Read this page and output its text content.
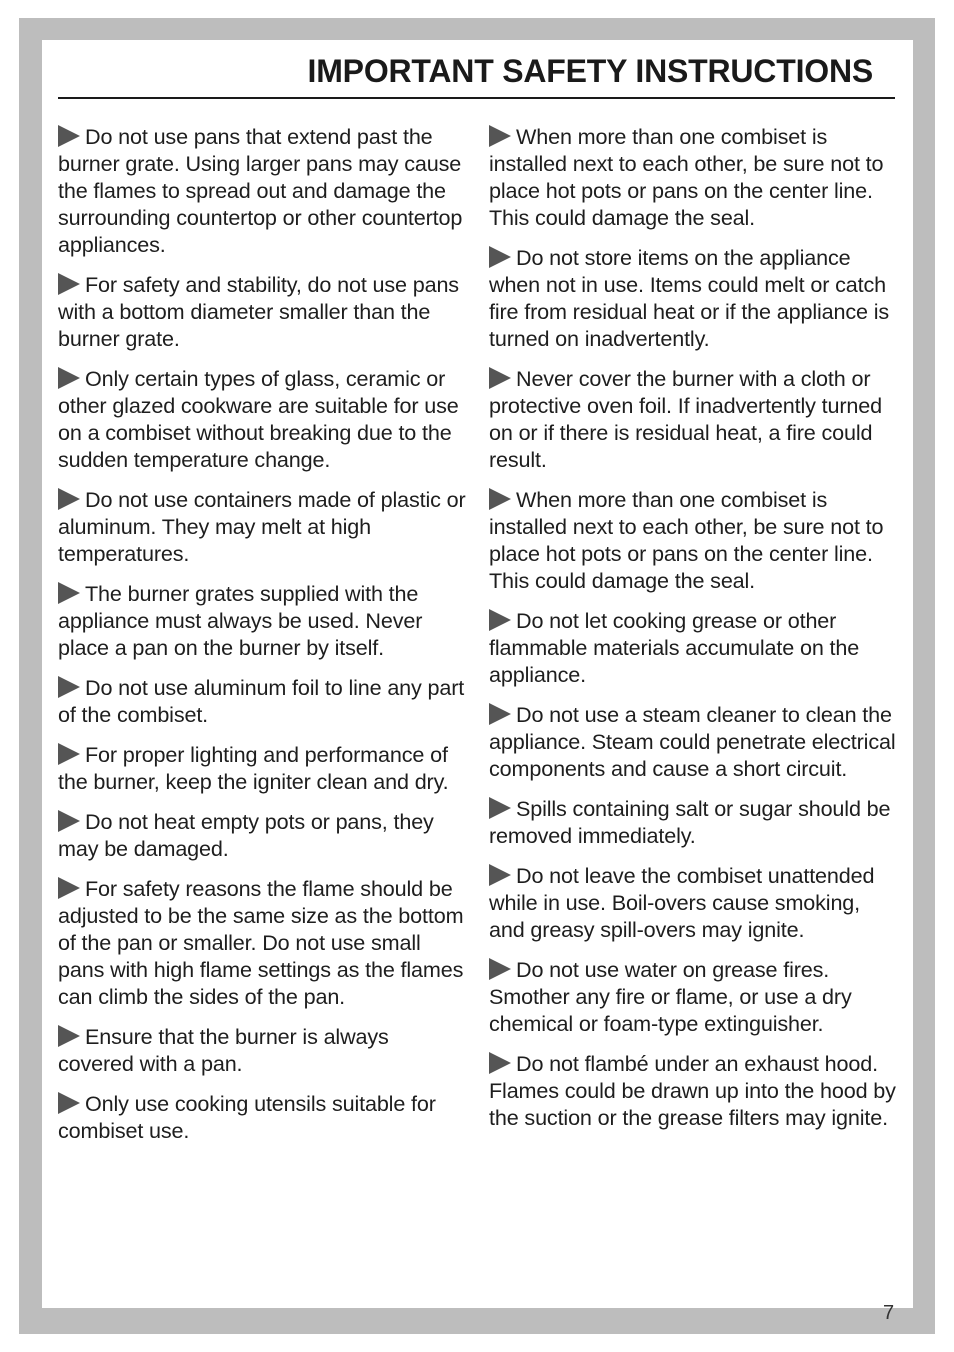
IMPORTANT SAFETY INSTRUCTIONS

Do not use pans that extend past the burner grate. Using larger pans may cause the flames to spread out and damage the surrounding countertop or other countertop appliances.

For safety and stability, do not use pans with a bottom diameter smaller than the burner grate.

Only certain types of glass, ceramic or other glazed cookware are suitable for use on a combiset without breaking due to the sudden temperature change.

Do not use containers made of plastic or aluminum. They may melt at high temperatures.

The burner grates supplied with the appliance must always be used. Never place a pan on the burner by itself.

Do not use aluminum foil to line any part of the combiset.

For proper lighting and performance of the burner, keep the igniter clean and dry.

Do not heat empty pots or pans, they may be damaged.

For safety reasons the flame should be adjusted to be the same size as the bottom of the pan or smaller. Do not use small pans with high flame settings as the flames can climb the sides of the pan.

Ensure that the burner is always covered with a pan.

Only use cooking utensils suitable for combiset use.

When more than one combiset is installed next to each other, be sure not to place hot pots or pans on the center line. This could damage the seal.

Do not store items on the appliance when not in use. Items could melt or catch fire from residual heat or if the appliance is turned on inadvertently.

Never cover the burner with a cloth or protective oven foil. If inadvertently turned on or if there is residual heat, a fire could result.

When more than one combiset is installed next to each other, be sure not to place hot pots or pans on the center line. This could damage the seal.

Do not let cooking grease or other flammable materials accumulate on the appliance.

Do not use a steam cleaner to clean the appliance. Steam could penetrate electrical components and cause a short circuit.

Spills containing salt or sugar should be removed immediately.

Do not leave the combiset unattended while in use. Boil-overs cause smoking, and greasy spill-overs may ignite.

Do not use water on grease fires. Smother any fire or flame, or use a dry chemical or foam-type extinguisher.

Do not flambé under an exhaust hood. Flames could be drawn up into the hood by the suction or the grease filters may ignite.

7
